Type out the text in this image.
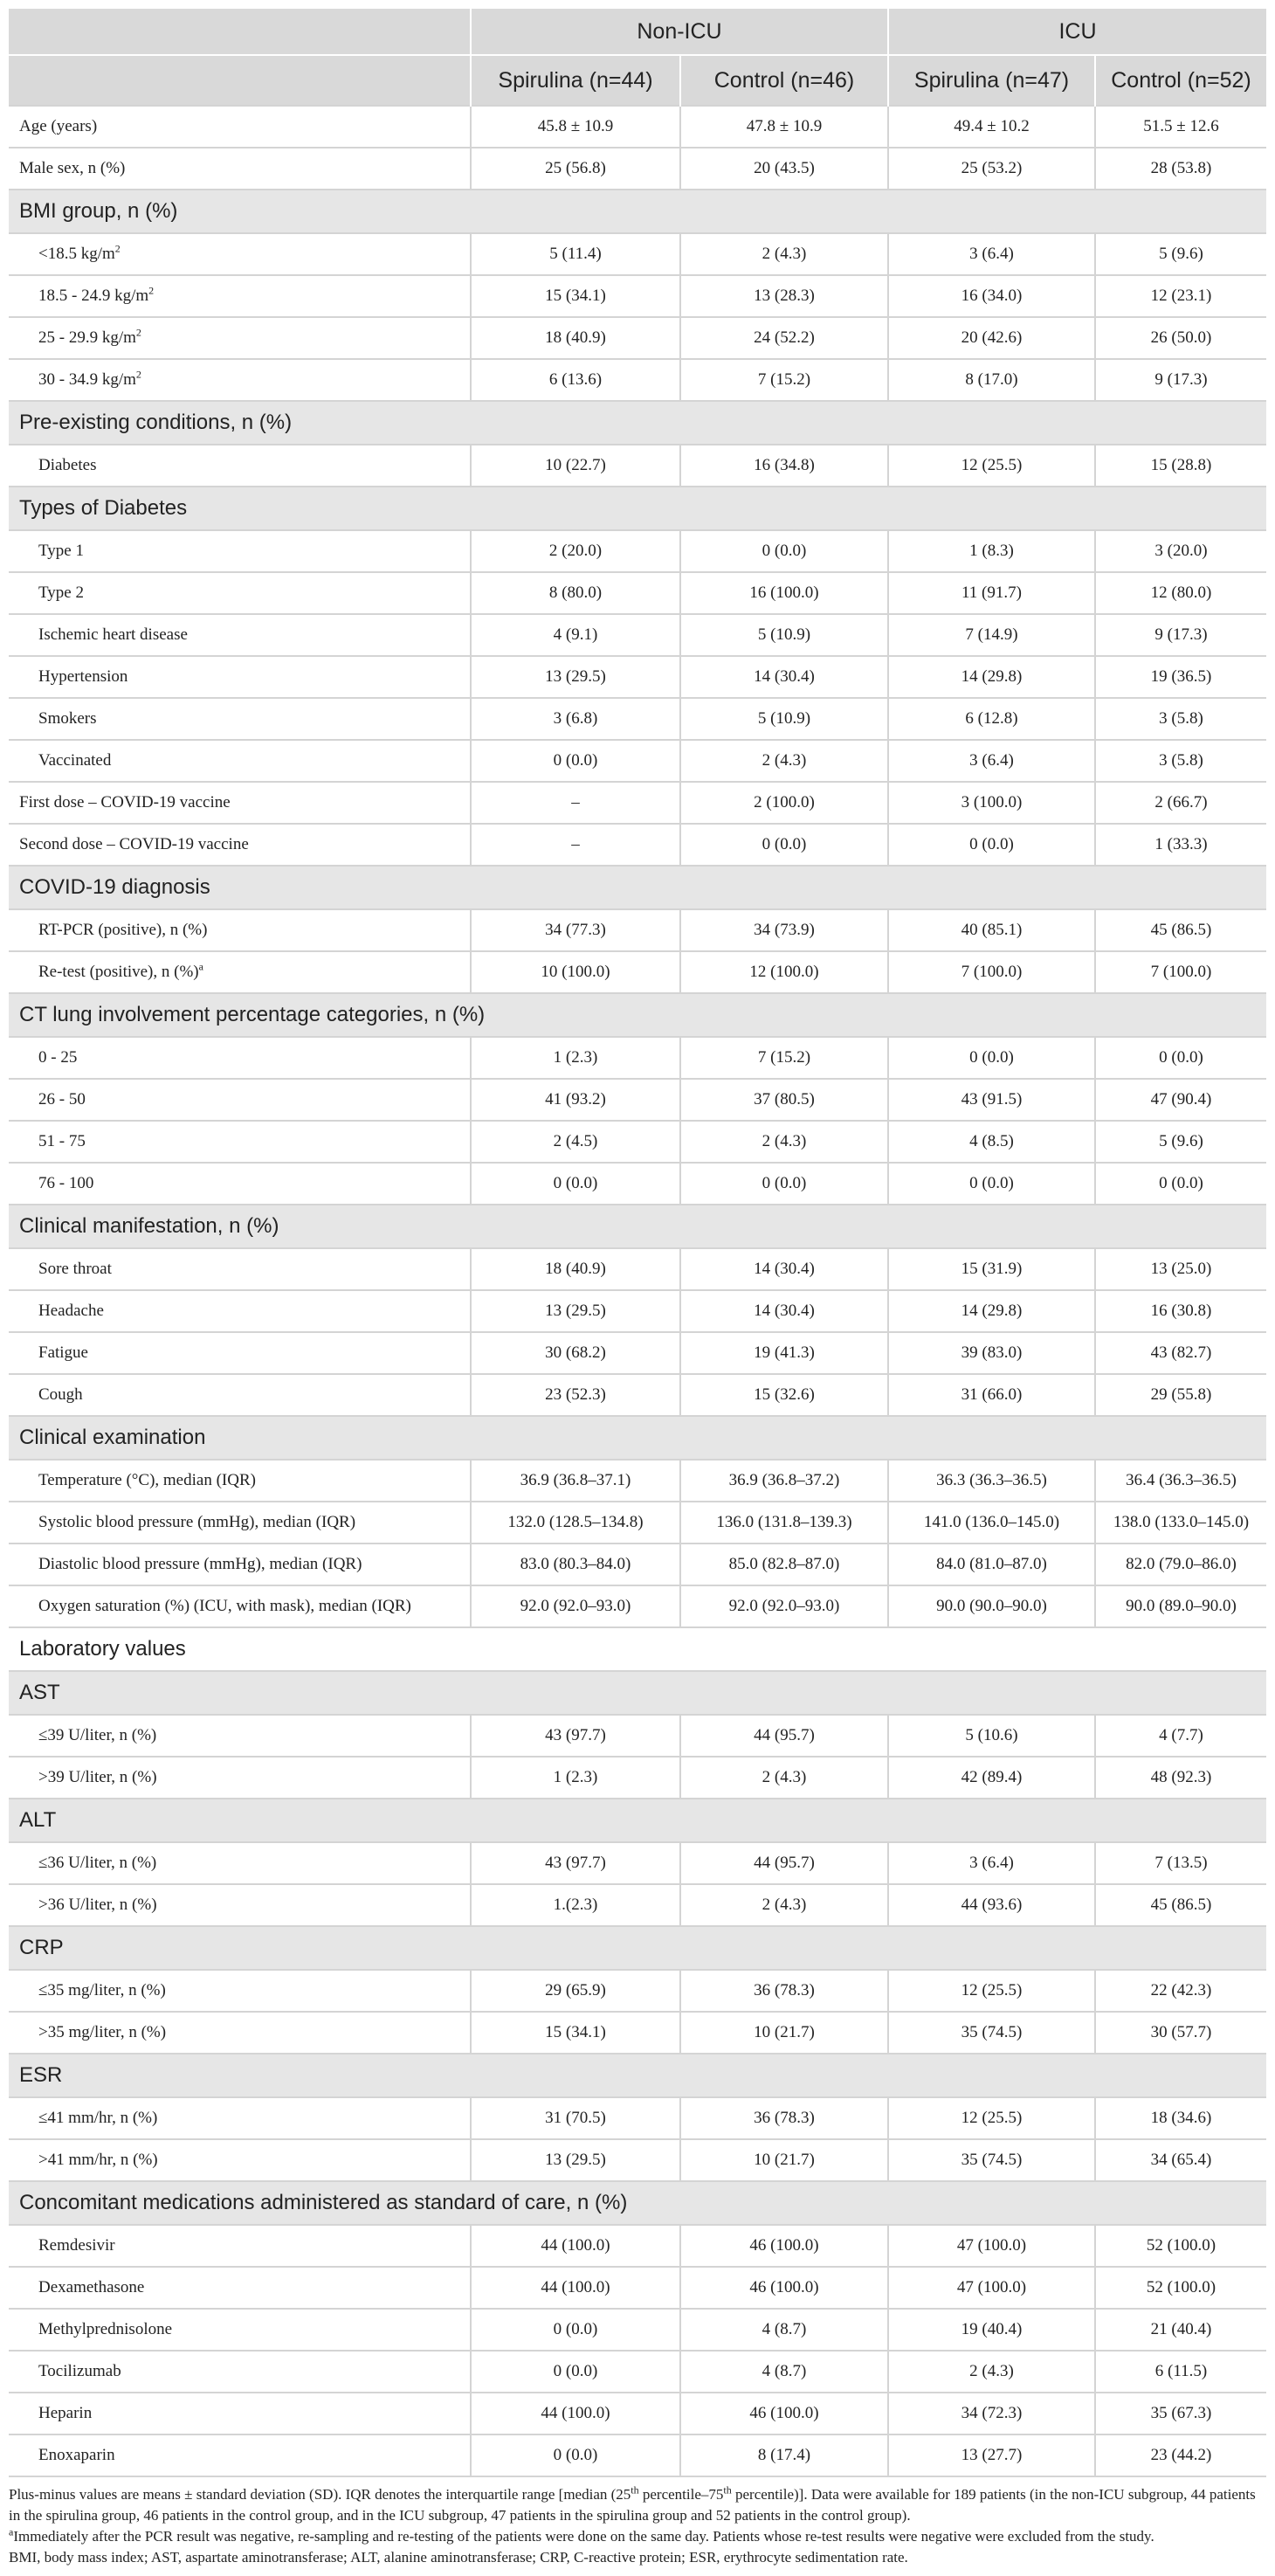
	Non-ICU		ICU	
	Spirulina (n=44)	Control (n=46)	Spirulina (n=47)	Control (n=52)
Age (years)	45.8 ± 10.9	47.8 ± 10.9	49.4 ± 10.2	51.5 ± 12.6
Male sex, n (%)	25 (56.8)	20 (43.5)	25 (53.2)	28 (53.8)
BMI group, n (%)				
<18.5 $kg/m^2$	5 (11.4)	2 (4.3)	3 (6.4)	5 (9.6)
18.5 - 24.9 $kg/m^2$	15 (34.1)	13 (28.3)	16 (34.0)	12 (23.1)
25 - 29.9 $kg/m^2$	18 (40.9)	24 (52.2)	20 (42.6)	26 (50.0)
30 - 34.9 $kg/m^2$	6 (13.6)	7 (15.2)	8 (17.0)	9 (17.3)
Pre-existing conditions, n (%)				
Diabetes	10 (22.7)	16 (34.8)	12 (25.5)	15 (28.8)
Types of Diabetes				
Type 1	2 (20.0)	0 (0.0)	1 (8.3)	3 (20.0)
Type 2	8 (80.0)	16 (100.0)	11 (91.7)	12 (80.0)
Ischemic heart disease	4 (9.1)	5 (10.9)	7 (14.9)	9 (17.3)
Hypertension	13 (29.5)	14 (30.4)	14 (29.8)	19 (36.5)
Smokers	3 (6.8)	5 (10.9)	6 (12.8)	3 (5.8)
Vaccinated	0 (0.0)	2 (4.3)	3 (6.4)	3 (5.8)
First dose – COVID-19 vaccine	–	2 (100.0)	3 (100.0)	2 (66.7)
Second dose – COVID-19 vaccine	–	0 (0.0)	0 (0.0)	1 (33.3)
COVID-19 diagnosis				
RT-PCR (positive), n (%)	34 (77.3)	34 (73.9)	40 (85.1)	45 (86.5)
Re-test (positive), n (%)$^a$	10 (100.0)	12 (100.0)	7 (100.0)	7 (100.0)
CT lung involvement percentage categories, n (%)				
0 - 25	1 (2.3)	7 (15.2)	0 (0.0)	0 (0.0)
26 - 50	41 (93.2)	37 (80.5)	43 (91.5)	47 (90.4)
51 - 75	2 (4.5)	2 (4.3)	4 (8.5)	5 (9.6)
76 - 100	0 (0.0)	0 (0.0)	0 (0.0)	0 (0.0)
Clinical manifestation, n (%)				
Sore throat	18 (40.9)	14 (30.4)	15 (31.9)	13 (25.0)
Headache	13 (29.5)	14 (30.4)	14 (29.8)	16 (30.8)
Fatigue	30 (68.2)	19 (41.3)	39 (83.0)	43 (82.7)
Cough	23 (52.3)	15 (32.6)	31 (66.0)	29 (55.8)
Clinical examination				
Temperature (°C), median (IQR)	36.9 (36.8–37.1)	36.9 (36.8–37.2)	36.3 (36.3–36.5)	36.4 (36.3–36.5)
Systolic blood pressure (mmHg), median (IQR)	132.0 (128.5–134.8)	136.0 (131.8–139.3)	141.0 (136.0–145.0)	138.0 (133.0–145.0)
Diastolic blood pressure (mmHg), median (IQR)	83.0 (80.3–84.0)	85.0 (82.8–87.0)	84.0 (81.0–87.0)	82.0 (79.0–86.0)
Oxygen saturation (%) (ICU, with mask), median (IQR)	92.0 (92.0–93.0)	92.0 (92.0–93.0)	90.0 (90.0–90.0)	90.0 (89.0–90.0)
Laboratory values				
AST				
≤39 U/liter, n (%)	43 (97.7)	44 (95.7)	5 (10.6)	4 (7.7)
>39 U/liter, n (%)	1 (2.3)	2 (4.3)	42 (89.4)	48 (92.3)
ALT				
≤36 U/liter, n (%)	43 (97.7)	44 (95.7)	3 (6.4)	7 (13.5)
>36 U/liter, n (%)	1.(2.3)	2 (4.3)	44 (93.6)	45 (86.5)
CRP				
≤35 mg/liter, n (%)	29 (65.9)	36 (78.3)	12 (25.5)	22 (42.3)
>35 mg/liter, n (%)	15 (34.1)	10 (21.7)	35 (74.5)	30 (57.7)
ESR				
≤41 mm/hr, n (%)	31 (70.5)	36 (78.3)	12 (25.5)	18 (34.6)
>41 mm/hr, n (%)	13 (29.5)	10 (21.7)	35 (74.5)	34 (65.4)
Concomitant medications administered as standard of care, n (%)				
Remdesivir	44 (100.0)	46 (100.0)	47 (100.0)	52 (100.0)
Dexamethasone	44 (100.0)	46 (100.0)	47 (100.0)	52 (100.0)
Methylprednisolone	0 (0.0)	4 (8.7)	19 (40.4)	21 (40.4)
Tocilizumab	0 (0.0)	4 (8.7)	2 (4.3)	6 (11.5)
Heparin	44 (100.0)	46 (100.0)	34 (72.3)	35 (67.3)
Enoxaparin	0 (0.0)	8 (17.4)	13 (27.7)	23 (44.2)

Plus-minus values are means ± standard deviation (SD). IQR denotes the interquartile range [median (25th percentile–75th percentile)]. Data were available for 189 patients (in the non-ICU subgroup, 44 patients in the spirulina group, 46 patients in the control group, and in the ICU subgroup, 47 patients in the spirulina group and 52 patients in the control group).

$^a$Immediately after the PCR result was negative, re-sampling and re-testing of the patients were done on the same day. Patients whose re-test results were negative were excluded from the study.

BMI, body mass index; AST, aspartate aminotransferase; ALT, alanine aminotransferase; CRP, C-reactive protein; ESR, erythrocyte sedimentation rate.
